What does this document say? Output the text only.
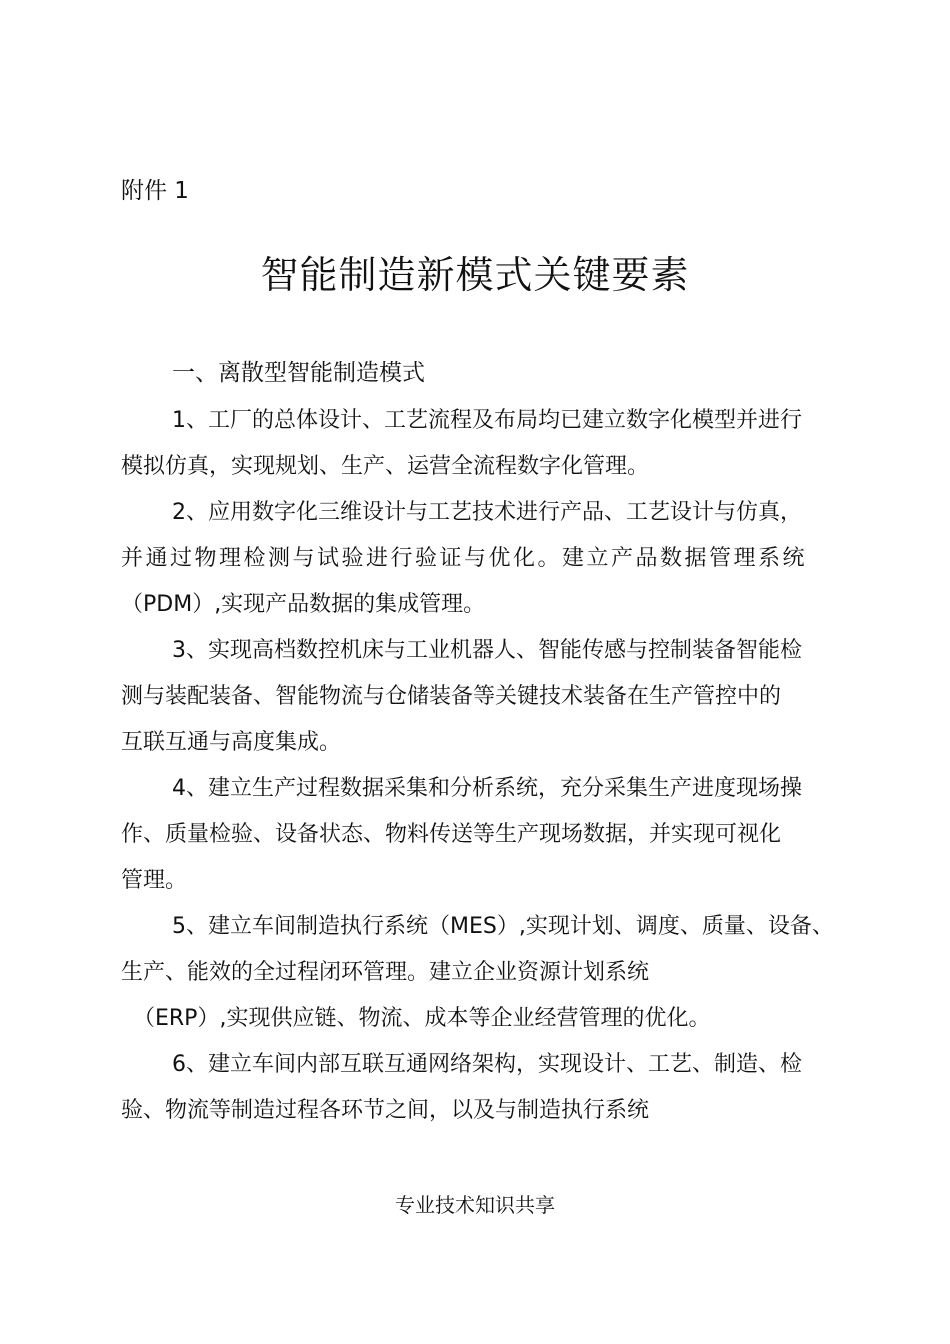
附件 1
智能制造新模式关键要素
一、离散型智能制造模式
1、工厂的总体设计、工艺流程及布局均已建立数字化模型并进行
模拟仿真，实现规划、生产、运营全流程数字化管理。
2、应用数字化三维设计与工艺技术进行产品、工艺设计与仿真，
并通过物理检测与试验进行验证与优化。建立产品数据管理系统
（PDM）,实现产品数据的集成管理。
3、实现高档数控机床与工业机器人、智能传感与控制装备智能检
测与装配装备、智能物流与仓储装备等关键技术装备在生产管控中的
互联互通与高度集成。
4、建立生产过程数据采集和分析系统，充分采集生产进度现场操
作、质量检验、设备状态、物料传送等生产现场数据，并实现可视化
管理。
5、建立车间制造执行系统（MES）,实现计划、调度、质量、设备、
生产、能效的全过程闭环管理。建立企业资源计划系统
（ERP）,实现供应链、物流、成本等企业经营管理的优化。
6、建立车间内部互联互通网络架构，实现设计、工艺、制造、检
验、物流等制造过程各环节之间，以及与制造执行系统
专业技术知识共享
